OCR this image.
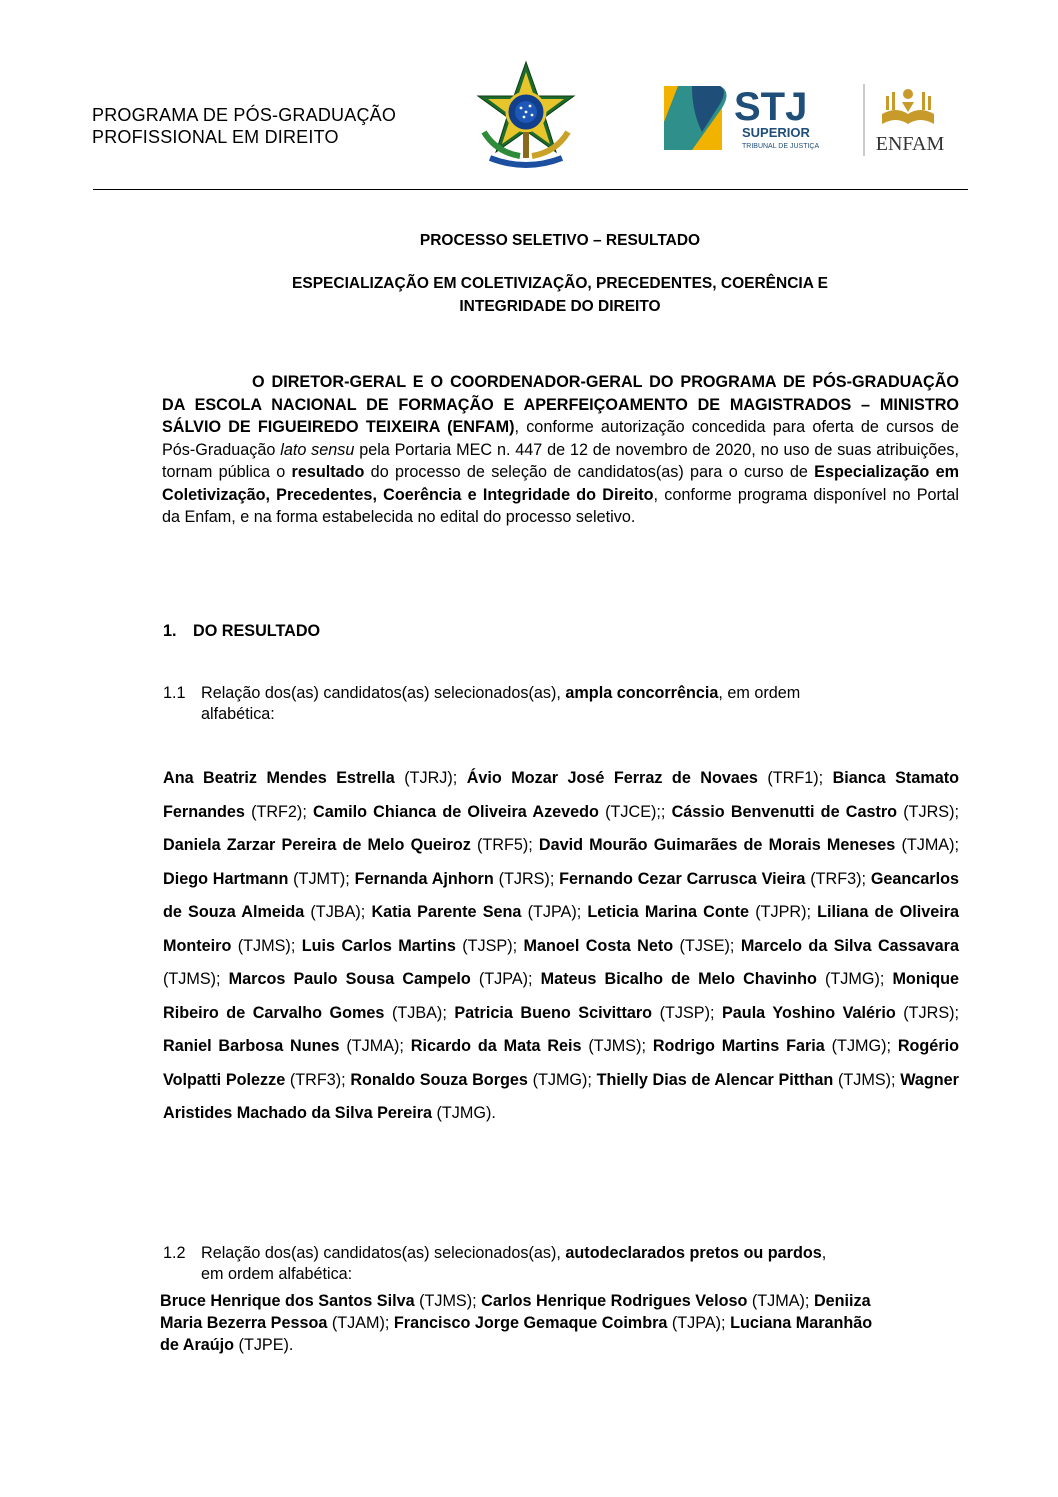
PROGRAMA DE PÓS-GRADUAÇÃO
PROFISSIONAL EM DIREITO
STJ
SUPERIOR
TRIBUNAL DE JUSTIÇA	ENFAM
PROCESSO SELETIVO – RESULTADO
ESPECIALIZAÇÃO EM COLETIVIZAÇÃO, PRECEDENTES, COERÊNCIA E
INTEGRIDADE DO DIREITO
O DIRETOR-GERAL E O COORDENADOR-GERAL DO PROGRAMA DE PÓS-GRADUAÇÃO DA ESCOLA NACIONAL DE FORMAÇÃO E APERFEIÇOAMENTO DE MAGISTRADOS – MINISTRO SÁLVIO DE FIGUEIREDO TEIXEIRA (ENFAM), conforme autorização concedida para oferta de cursos de Pós-Graduação lato sensu pela Portaria MEC n. 447 de 12 de novembro de 2020, no uso de suas atribuições, tornam pública o resultado do processo de seleção de candidatos(as) para o curso de Especialização em Coletivização, Precedentes, Coerência e Integridade do Direito, conforme programa disponível no Portal da Enfam, e na forma estabelecida no edital do processo seletivo.
1. DO RESULTADO
1.1 Relação dos(as) candidatos(as) selecionados(as), ampla concorrência, em ordem
alfabética:
Ana Beatriz Mendes Estrella (TJRJ); Ávio Mozar José Ferraz de Novaes (TRF1); Bianca Stamato Fernandes (TRF2); Camilo Chianca de Oliveira Azevedo (TJCE);; Cássio Benvenutti de Castro (TJRS); Daniela Zarzar Pereira de Melo Queiroz (TRF5); David Mourão Guimarães de Morais Meneses (TJMA); Diego Hartmann (TJMT); Fernanda Ajnhorn (TJRS); Fernando Cezar Carrusca Vieira (TRF3); Geancarlos de Souza Almeida (TJBA); Katia Parente Sena (TJPA); Leticia Marina Conte (TJPR); Liliana de Oliveira Monteiro (TJMS); Luis Carlos Martins (TJSP); Manoel Costa Neto (TJSE); Marcelo da Silva Cassavara (TJMS); Marcos Paulo Sousa Campelo (TJPA); Mateus Bicalho de Melo Chavinho (TJMG); Monique Ribeiro de Carvalho Gomes (TJBA); Patricia Bueno Scivittaro (TJSP); Paula Yoshino Valério (TJRS); Raniel Barbosa Nunes (TJMA); Ricardo da Mata Reis (TJMS); Rodrigo Martins Faria (TJMG); Rogério Volpatti Polezze (TRF3); Ronaldo Souza Borges (TJMG); Thielly Dias de Alencar Pitthan (TJMS); Wagner Aristides Machado da Silva Pereira (TJMG).
1.2 Relação dos(as) candidatos(as) selecionados(as), autodeclarados pretos ou pardos,
em ordem alfabética:
Bruce Henrique dos Santos Silva (TJMS); Carlos Henrique Rodrigues Veloso (TJMA); Deniiza Maria Bezerra Pessoa (TJAM); Francisco Jorge Gemaque Coimbra (TJPA); Luciana Maranhão de Araújo (TJPE).
